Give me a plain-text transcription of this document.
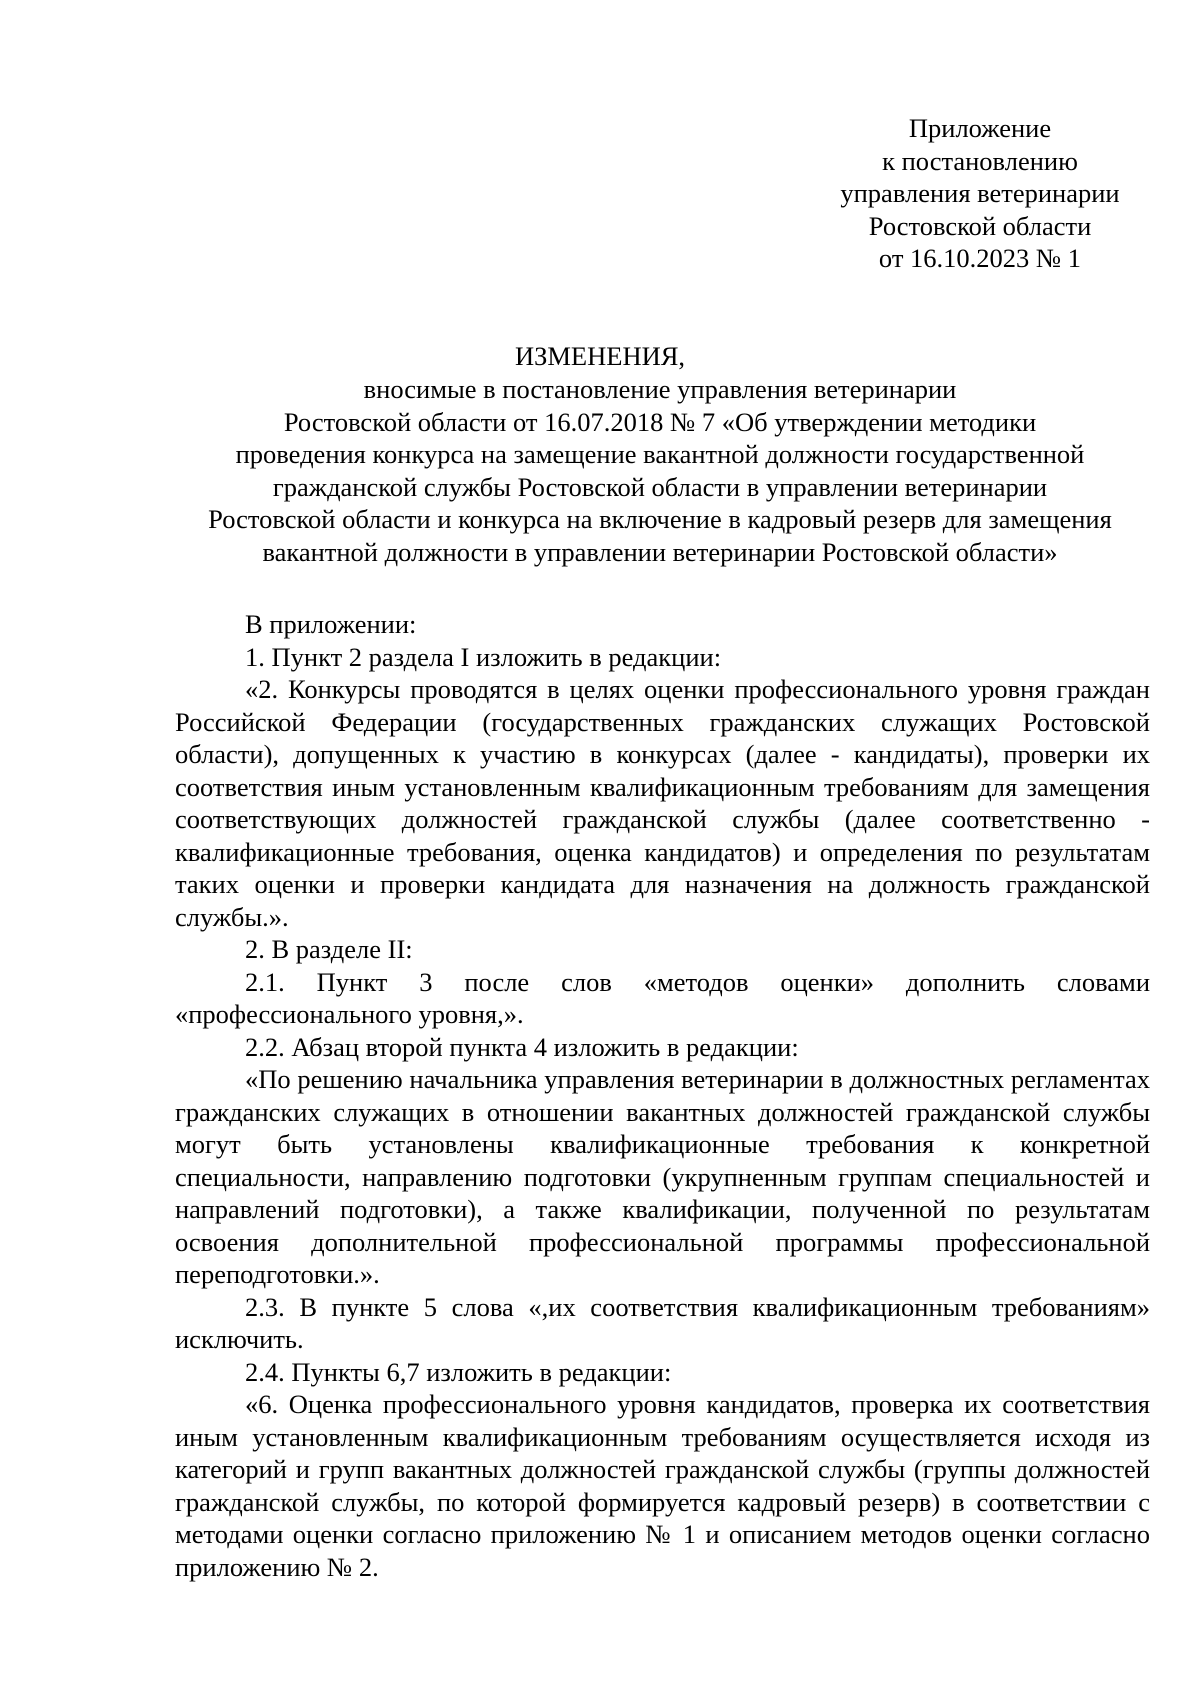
Приложение
к постановлению
управления ветеринарии
Ростовской области
от 16.10.2023 № 1
ИЗМЕНЕНИЯ,
вносимые в постановление управления ветеринарии
Ростовской области от 16.07.2018 № 7 «Об утверждении методики
проведения конкурса на замещение вакантной должности государственной
гражданской службы Ростовской области в управлении ветеринарии
Ростовской области и конкурса на включение в кадровый резерв для замещения
вакантной должности в управлении ветеринарии Ростовской области»

В приложении:

1. Пункт 2 раздела I изложить в редакции:

«2. Конкурсы проводятся в целях оценки профессионального уровня граждан Российской Федерации (государственных гражданских служащих Ростовской области), допущенных к участию в конкурсах (далее - кандидаты), проверки их соответствия иным установленным квалификационным требованиям для замещения соответствующих должностей гражданской службы (далее соответственно - квалификационные требования, оценка кандидатов) и определения по результатам таких оценки и проверки кандидата для назначения на должность гражданской службы.».

2. В разделе II:

2.1. Пункт 3 после слов «методов оценки» дополнить словами «профессионального уровня,».

2.2. Абзац второй пункта 4 изложить в редакции:

«По решению начальника управления ветеринарии в должностных регламентах гражданских служащих в отношении вакантных должностей гражданской службы могут быть установлены квалификационные требования к конкретной специальности, направлению подготовки (укрупненным группам специальностей и направлений подготовки), а также квалификации, полученной по результатам освоения дополнительной профессиональной программы профессиональной переподготовки.».

2.3. В пункте 5 слова «,их соответствия квалификационным требованиям» исключить.

2.4. Пункты 6,7 изложить в редакции:

«6. Оценка профессионального уровня кандидатов, проверка их соответствия иным установленным квалификационным требованиям осуществляется исходя из категорий и групп вакантных должностей гражданской службы (группы должностей гражданской службы, по которой формируется кадровый резерв) в соответствии с методами оценки согласно приложению № 1 и описанием методов оценки согласно приложению № 2.
